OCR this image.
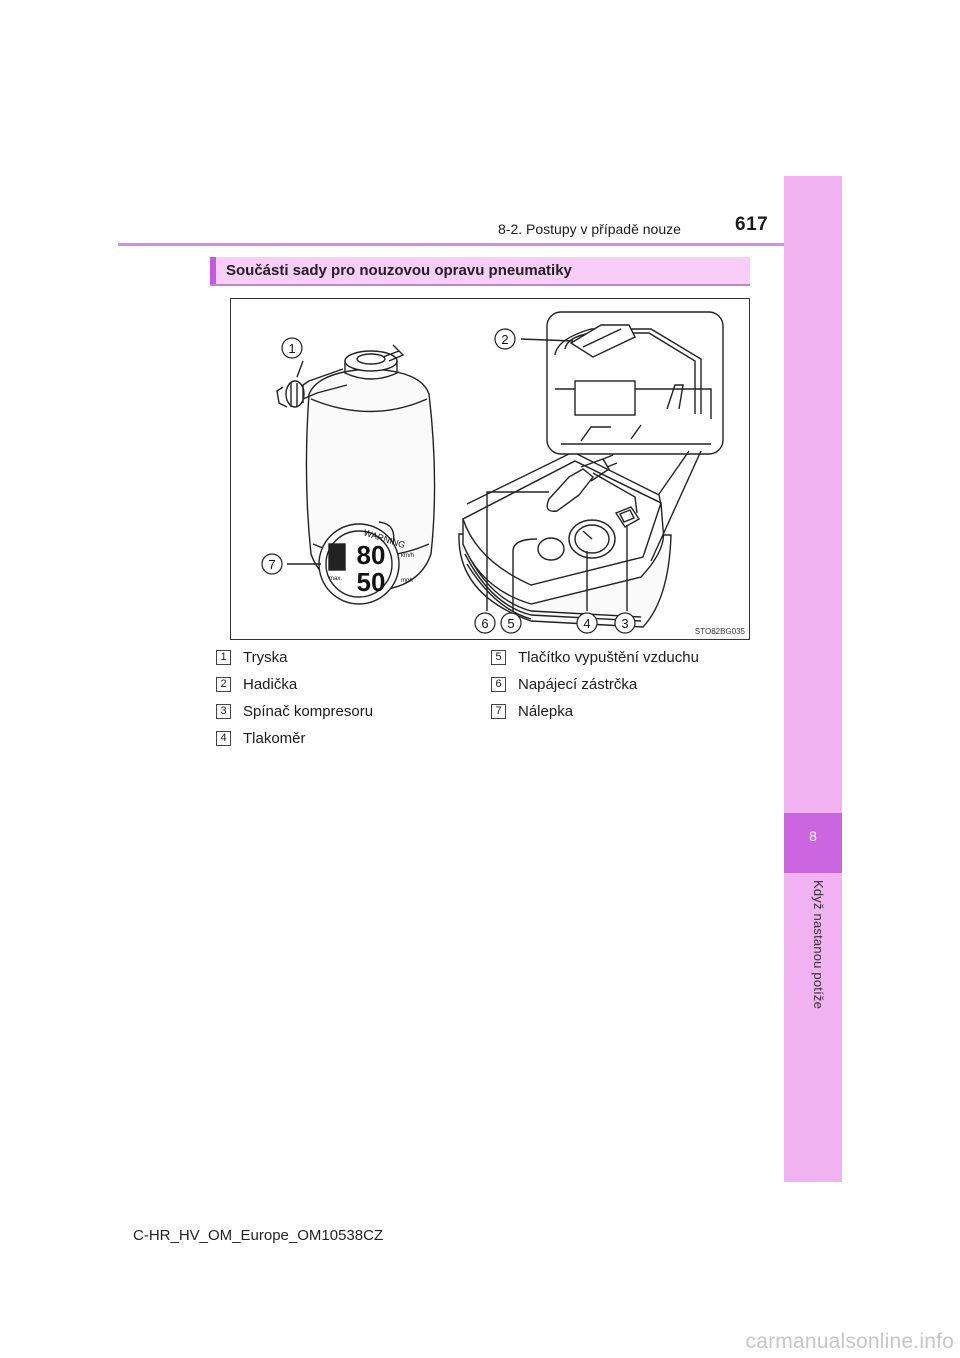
8
Když nastanou potíže
8-2. Postupy v případě nouze	617
Součásti sady pro nouzovou opravu pneumatiky
80
50
km/h
mph
max.
WARNING
1
2
3
4
5
6
7
STO82BG035
1 Tryska
2 Hadička
3 Spínač kompresoru
4 Tlakoměr
5 Tlačítko vypuštění vzduchu
6 Napájecí zástrčka
7 Nálepka
C-HR_HV_OM_Europe_OM10538CZ
carmanualsonline.info
